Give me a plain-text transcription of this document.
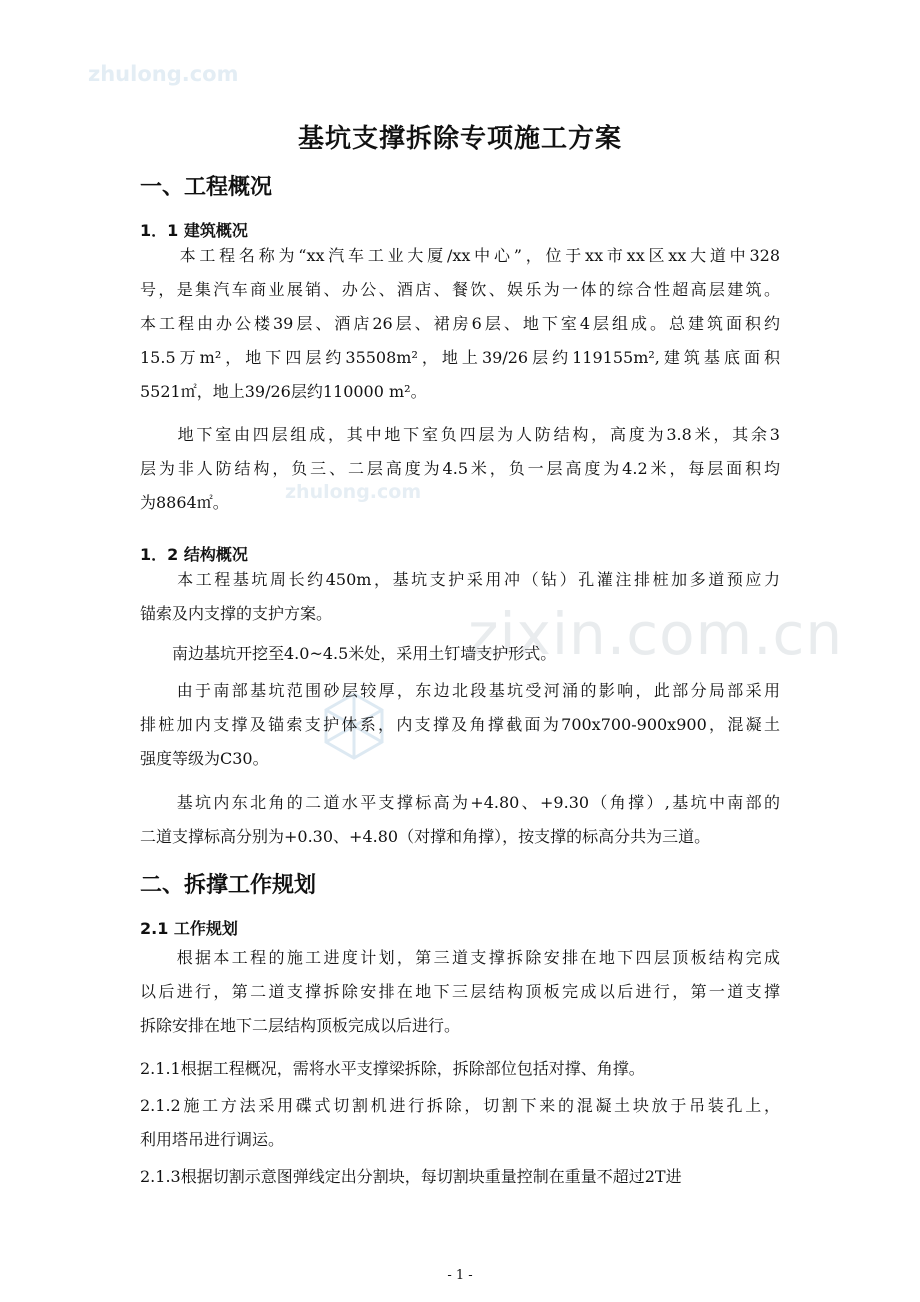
zhulong.com
zhulong.com
zixin.com.cn
基坑支撑拆除专项施工方案
一、工程概况
1．1 建筑概况
　　本工程名称为“xx汽车工业大厦/xx中心”，位于xx市xx区xx大道中328
号，是集汽车商业展销、办公、酒店、餐饮、娱乐为一体的综合性超高层建筑。
本工程由办公楼39层、酒店26层、裙房6层、地下室4层组成。总建筑面积约
15.5万m²，地下四层约35508m²，地上39/26层约119155m²,建筑基底面积
5521㎡，地上39/26层约110000 m²。
　　地下室由四层组成，其中地下室负四层为人防结构，高度为3.8米，其余3
层为非人防结构，负三、二层高度为4.5米，负一层高度为4.2米，每层面积均
为8864㎡。
1．2 结构概况
　　本工程基坑周长约450m，基坑支护采用冲（钻）孔灌注排桩加多道预应力
锚索及内支撑的支护方案。
　　南边基坑开挖至4.0~4.5米处，采用土钉墙支护形式。
　　由于南部基坑范围砂层较厚，东边北段基坑受河涌的影响，此部分局部采用
排桩加内支撑及锚索支护体系，内支撑及角撑截面为700x700-900x900，混凝土
强度等级为C30。
　　基坑内东北角的二道水平支撑标高为+4.80、+9.30（角撑）,基坑中南部的
二道支撑标高分别为+0.30、+4.80（对撑和角撑），按支撑的标高分共为三道。
二、拆撑工作规划
2.1 工作规划
　　根据本工程的施工进度计划，第三道支撑拆除安排在地下四层顶板结构完成
以后进行，第二道支撑拆除安排在地下三层结构顶板完成以后进行，第一道支撑
拆除安排在地下二层结构顶板完成以后进行。
2.1.1根据工程概况，需将水平支撑梁拆除，拆除部位包括对撑、角撑。
2.1.2施工方法采用碟式切割机进行拆除，切割下来的混凝土块放于吊装孔上，
利用塔吊进行调运。
2.1.3根据切割示意图弹线定出分割块，每切割块重量控制在重量不超过2T进
- 1 -
